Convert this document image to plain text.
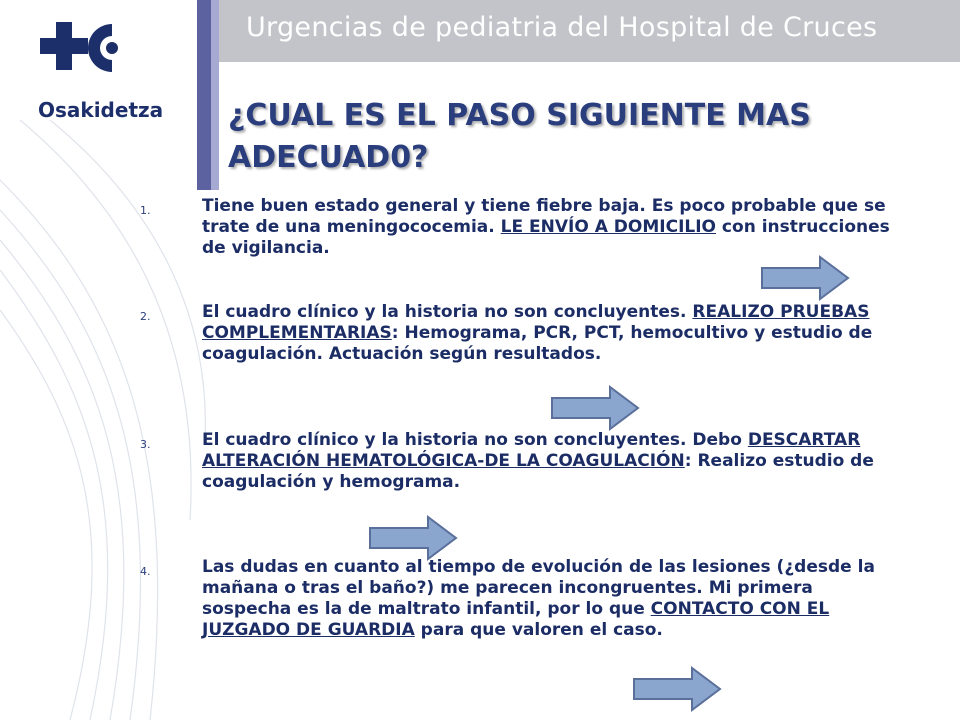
Urgencias de pediatria del Hospital de Cruces
Osakidetza ¿CUAL ES EL PASO SIGUIENTE MAS ADECUAD0?
1.	Tiene buen estado general y tiene fiebre baja. Es poco probable que se trate de una meningococemia. LE ENVÍO A DOMICILIO con instrucciones de vigilancia.
2.	El cuadro clínico y la historia no son concluyentes. REALIZO PRUEBAS COMPLEMENTARIAS: Hemograma, PCR, PCT, hemocultivo y estudio de coagulación. Actuación según resultados.
3.	El cuadro clínico y la historia no son concluyentes. Debo DESCARTAR ALTERACIÓN HEMATOLÓGICA-DE LA COAGULACIÓN: Realizo estudio de coagulación y hemograma.
4.	Las dudas en cuanto al tiempo de evolución de las lesiones (¿desde la mañana o tras el baño?) me parecen incongruentes. Mi primera sospecha es la de maltrato infantil, por lo que CONTACTO CON EL JUZGADO DE GUARDIA para que valoren el caso.
